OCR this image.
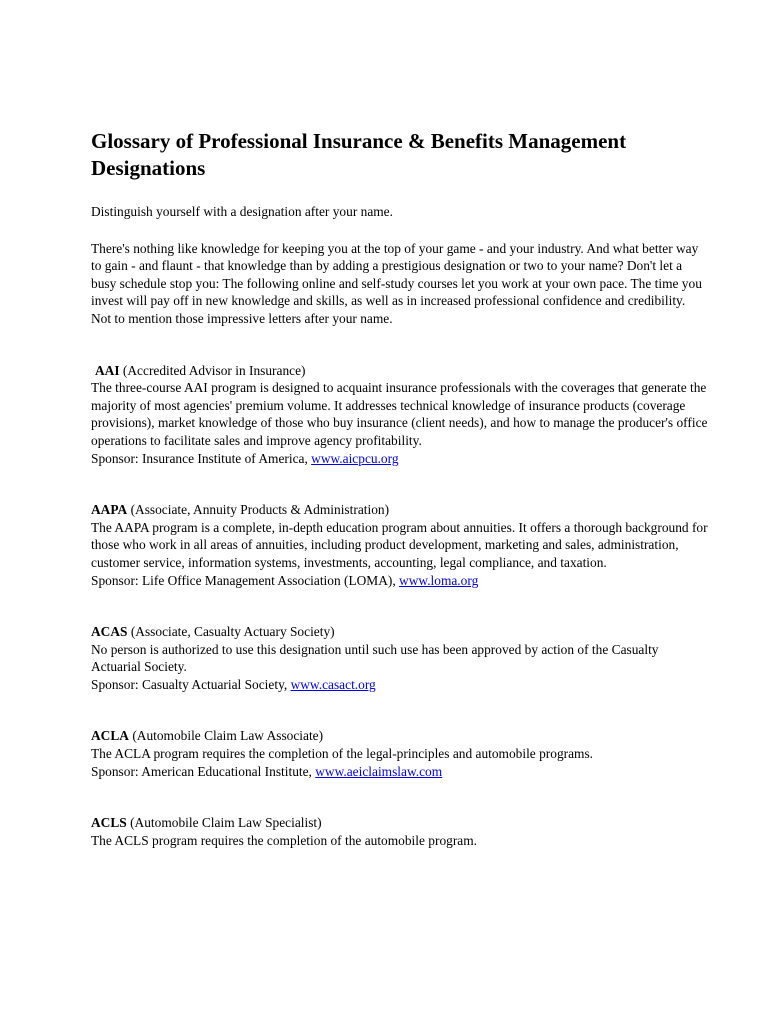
Glossary of Professional Insurance & Benefits Management Designations

Distinguish yourself with a designation after your name.

There's nothing like knowledge for keeping you at the top of your game - and your industry. And what better way to gain - and flaunt - that knowledge than by adding a prestigious designation or two to your name? Don't let a busy schedule stop you: The following online and self-study courses let you work at your own pace. The time you invest will pay off in new knowledge and skills, as well as in increased professional confidence and credibility. Not to mention those impressive letters after your name.

AAI (Accredited Advisor in Insurance)

The three-course AAI program is designed to acquaint insurance professionals with the coverages that generate the majority of most agencies' premium volume. It addresses technical knowledge of insurance products (coverage provisions), market knowledge of those who buy insurance (client needs), and how to manage the producer's office operations to facilitate sales and improve agency profitability.

Sponsor: Insurance Institute of America, www.aicpcu.org

AAPA (Associate, Annuity Products & Administration)

The AAPA program is a complete, in-depth education program about annuities. It offers a thorough background for those who work in all areas of annuities, including product development, marketing and sales, administration, customer service, information systems, investments, accounting, legal compliance, and taxation.

Sponsor: Life Office Management Association (LOMA), www.loma.org

ACAS (Associate, Casualty Actuary Society)

No person is authorized to use this designation until such use has been approved by action of the Casualty Actuarial Society.

Sponsor: Casualty Actuarial Society, www.casact.org

ACLA (Automobile Claim Law Associate)

The ACLA program requires the completion of the legal-principles and automobile programs.

Sponsor: American Educational Institute, www.aeiclaimslaw.com

ACLS (Automobile Claim Law Specialist)

The ACLS program requires the completion of the automobile program.
